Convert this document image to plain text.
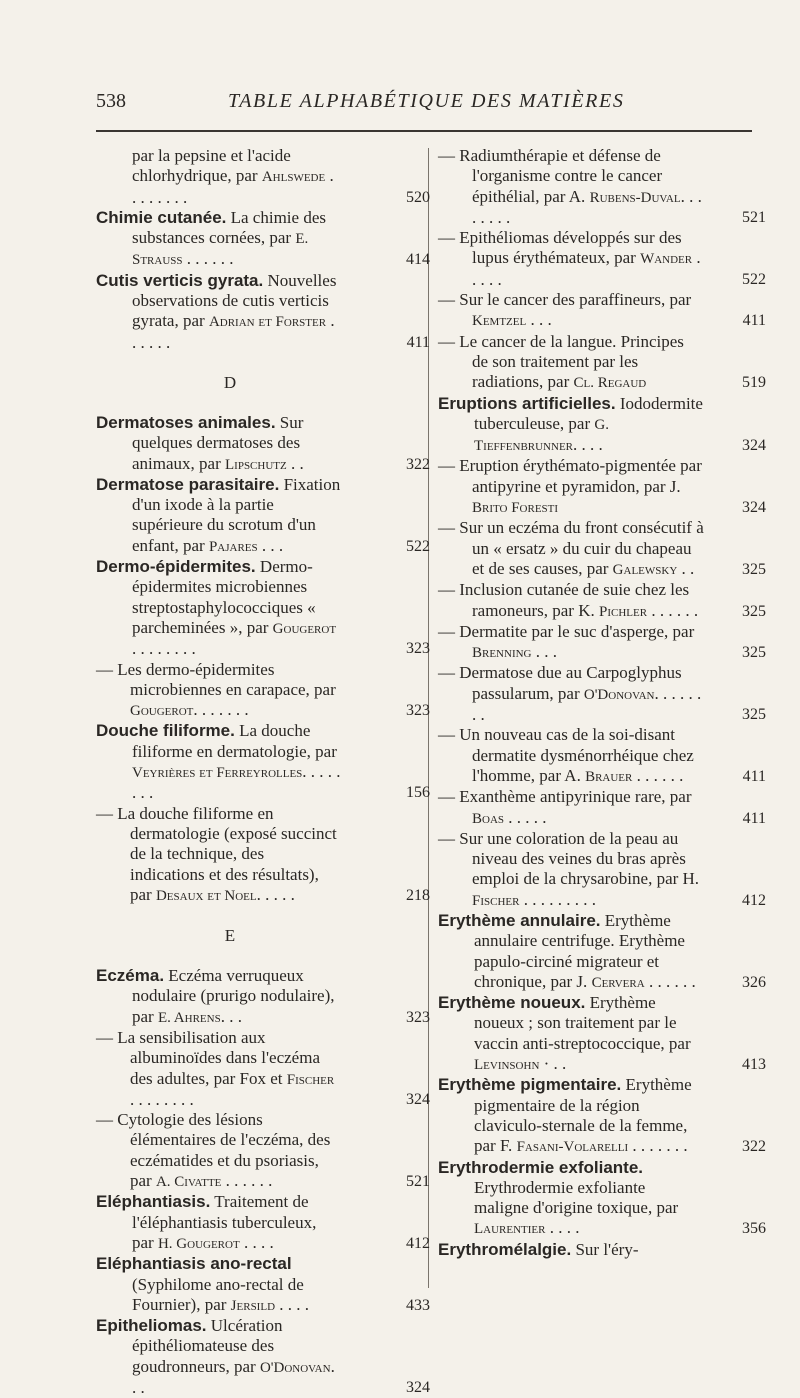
538	TABLE ALPHABÉTIQUE DES MATIÈRES
par la pepsine et l'acide chlorhydrique, par Ahlswede . . . . . . . .	520
Chimie cutanée. La chimie des substances cornées, par E. Strauss . . . . . .	414
Cutis verticis gyrata. Nouvelles observations de cutis verticis gyrata, par Adrian et Forster . . . . . .	411
D
Dermatoses animales. Sur quelques dermatoses des animaux, par Lipschutz . .	322
Dermatose parasitaire. Fixation d'un ixode à la partie supérieure du scrotum d'un enfant, par Pajares . . .	522
Dermo-épidermites. Dermo-épidermites microbiennes streptostaphylococciques « parcheminées », par Gougerot . . . . . . . .	323
— Les dermo-épidermites microbiennes en carapace, par Gougerot. . . . . . .	323
Douche filiforme. La douche filiforme en dermatologie, par Veyrières et Ferreyrolles. . . . . . . .	156
— La douche filiforme en dermatologie (exposé succinct de la technique, des indications et des résultats), par Desaux et Noel. . . . .	218
E
Eczéma. Eczéma verruqueux nodulaire (prurigo nodulaire), par E. Ahrens. . .	323
— La sensibilisation aux albuminoïdes dans l'eczéma des adultes, par Fox et Fischer . . . . . . . .	324
— Cytologie des lésions élémentaires de l'eczéma, des eczématides et du psoriasis, par A. Civatte . . . . . .	521
Eléphantiasis. Traitement de l'éléphantiasis tuberculeux, par H. Gougerot . . . .	412
Eléphantiasis ano-rectal (Syphilome ano-rectal de Fournier), par Jersild . . . .	433
Epitheliomas. Ulcération épithéliomateuse des goudronneurs, par O'Donovan. . .	324
— Radiumthérapie et défense de l'organisme contre le cancer épithélial, par A. Rubens-Duval. . . . . . . .	521
— Epithéliomas développés sur des lupus érythémateux, par Wander . . . . .	522
— Sur le cancer des paraffineurs, par Kemtzel . . .	411
— Le cancer de la langue. Principes de son traitement par les radiations, par Cl. Regaud	519
Eruptions artificielles. Iododermite tuberculeuse, par G. Tieffenbrunner. . . .	324
— Eruption érythémato-pigmentée par antipyrine et pyramidon, par J. Brito Foresti	324
— Sur un eczéma du front consécutif à un « ersatz » du cuir du chapeau et de ses causes, par Galewsky . .	325
— Inclusion cutanée de suie chez les ramoneurs, par K. Pichler . . . . . .	325
— Dermatite par le suc d'asperge, par Brenning . . .	325
— Dermatose due au Carpoglyphus passularum, par O'Donovan. . . . . . . .	325
— Un nouveau cas de la soi-disant dermatite dysménorrhéique chez l'homme, par A. Brauer . . . . . .	411
— Exanthème antipyrinique rare, par Boas . . . . .	411
— Sur une coloration de la peau au niveau des veines du bras après emploi de la chrysarobine, par H. Fischer . . . . . . . . .	412
Erythème annulaire. Erythème annulaire centrifuge. Erythème papulo-circiné migrateur et chronique, par J. Cervera . . . . . .	326
Erythème noueux. Erythème noueux ; son traitement par le vaccin anti-streptococcique, par Levinsohn · . .	413
Erythème pigmentaire. Erythème pigmentaire de la région claviculo-sternale de la femme, par F. Fasani-Volarelli . . . . . . .	322
Erythrodermie exfoliante. Erythrodermie exfoliante maligne d'origine toxique, par Laurentier . . . .	356
Erythromélalgie. Sur l'éry-
